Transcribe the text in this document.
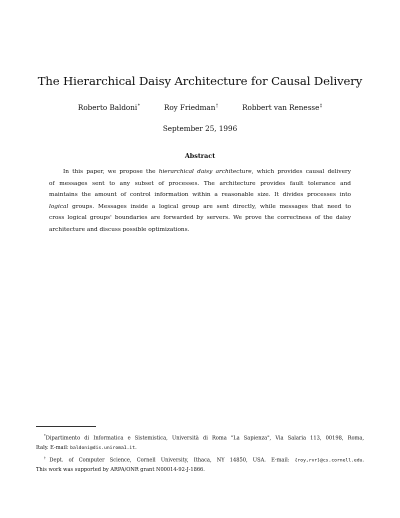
The Hierarchical Daisy Architecture for Causal Delivery
Roberto Baldoni*	Roy Friedman†	Robbert van Renesse‡
September 25, 1996
Abstract
In this paper, we propose the hierarchical daisy architecture, which provides causal delivery
of messages sent to any subset of processes. The architecture provides fault tolerance and
maintains the amount of control information within a reasonable size. It divides processes into
logical groups. Messages inside a logical group are sent directly, while messages that need to
cross logical groups' boundaries are forwarded by servers. We prove the correctness of the daisy
architecture and discuss possible optimizations.
*Dipartimento di Informatica e Sistemistica, Università di Roma "La Sapienza", Via Salaria 113, 00198, Roma,
Italy. E-mail: baldoni@dis.uniroma1.it.
†Dept. of Computer Science, Cornell University, Ithaca, NY 14850, USA. E-mail: {roy,rvr}@cs.cornell.edu.
This work was supported by ARPA/ONR grant N00014-92-J-1866.
